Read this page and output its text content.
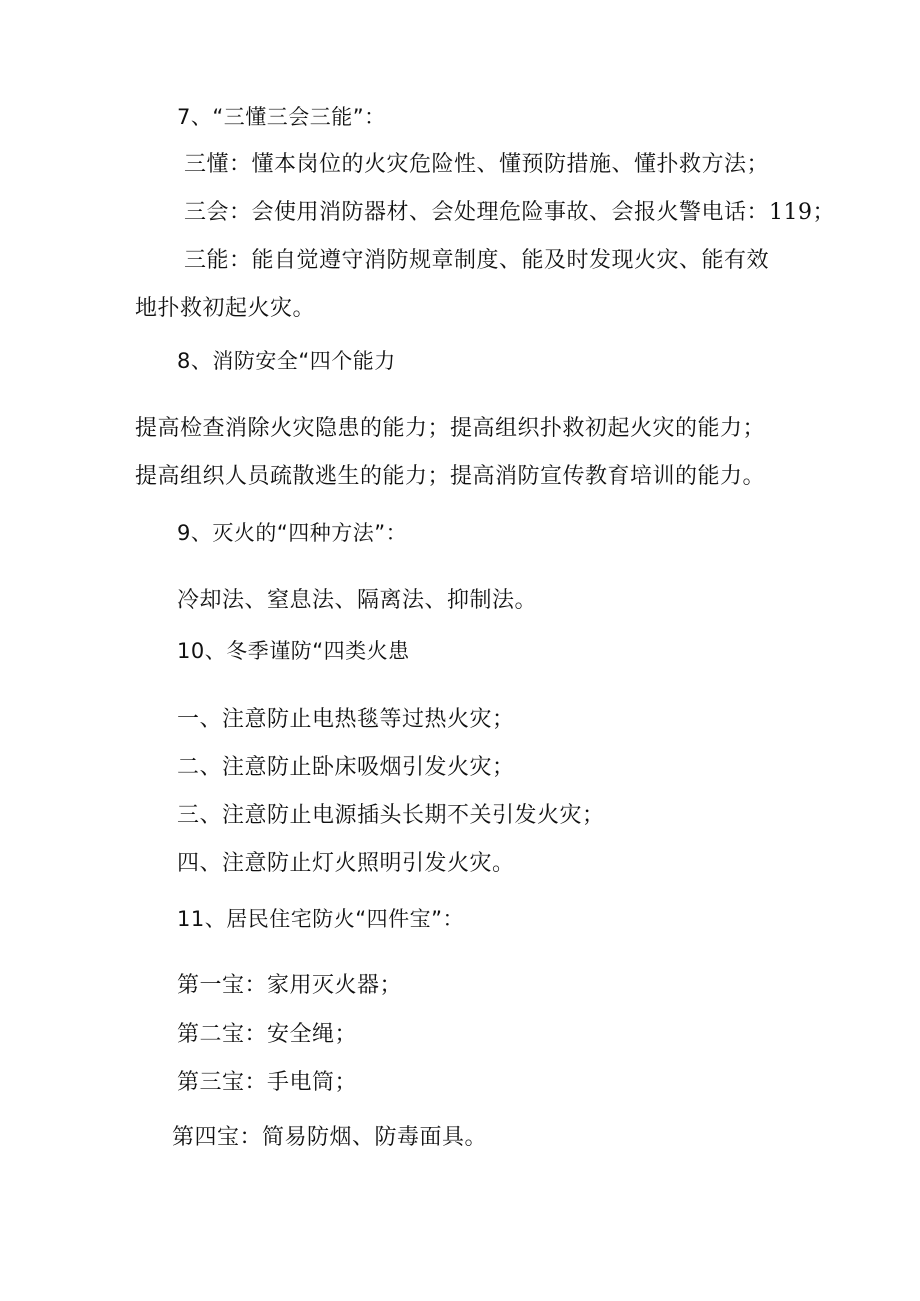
7、“三懂三会三能”：
三懂：懂本岗位的火灾危险性、懂预防措施、懂扑救方法；
三会：会使用消防器材、会处理危险事故、会报火警电话：119；
三能：能自觉遵守消防规章制度、能及时发现火灾、能有效
地扑救初起火灾。
8、消防安全“四个能力
提高检查消除火灾隐患的能力；提高组织扑救初起火灾的能力；
提高组织人员疏散逃生的能力；提高消防宣传教育培训的能力。
9、灭火的“四种方法”：
冷却法、窒息法、隔离法、抑制法。
10、冬季谨防“四类火患
一、注意防止电热毯等过热火灾；
二、注意防止卧床吸烟引发火灾；
三、注意防止电源插头长期不关引发火灾；
四、注意防止灯火照明引发火灾。
11、居民住宅防火“四件宝”：
第一宝：家用灭火器；
第二宝：安全绳；
第三宝：手电筒；
第四宝：简易防烟、防毒面具。
